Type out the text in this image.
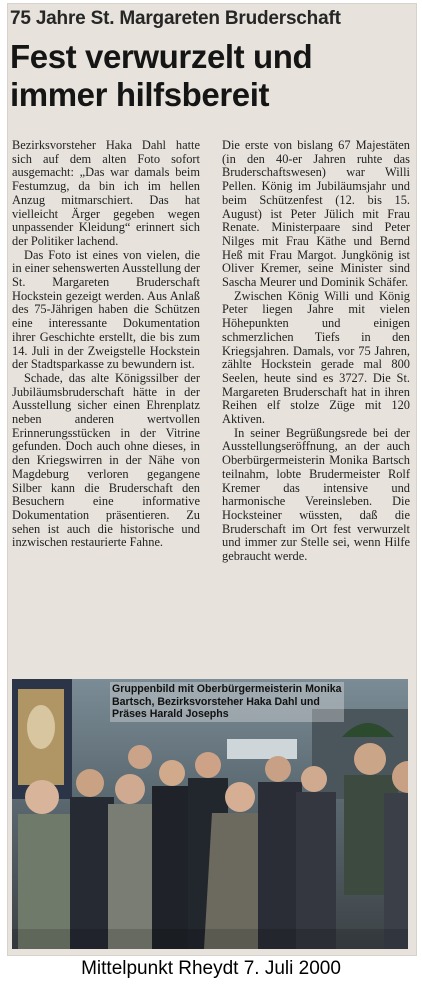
75 Jahre St. Margareten Bruderschaft
Fest verwurzelt und
immer hilfsbereit

Bezirksvorsteher Haka Dahl hatte sich auf dem alten Foto sofort ausgemacht: „Das war damals beim Festumzug, da bin ich im hellen Anzug mitmarschiert. Das hat vielleicht Ärger gegeben wegen unpassender Kleidung“ erinnert sich der Politiker lachend.

Das Foto ist eines von vielen, die in einer sehenswerten Ausstellung der St. Margareten Bruderschaft Hockstein gezeigt werden. Aus Anlaß des 75-Jährigen haben die Schützen eine interessante Dokumentation ihrer Geschichte erstellt, die bis zum 14. Juli in der Zweigstelle Hockstein der Stadtsparkasse zu bewundern ist.

Schade, das alte Königssilber der Jubiläumsbruderschaft hätte in der Ausstellung sicher einen Ehrenplatz neben anderen wertvollen Erinnerungsstücken in der Vitrine gefunden. Doch auch ohne dieses, in den Kriegswirren in der Nähe von Magdeburg verloren gegangene Silber kann die Bruderschaft den Besuchern eine informative Dokumentation präsentieren. Zu sehen ist auch die historische und inzwischen restaurierte Fahne.

Die erste von bislang 67 Majestäten (in den 40-er Jahren ruhte das Bruderschaftswesen) war Willi Pellen. König im Jubiläumsjahr und beim Schützenfest (12. bis 15. August) ist Peter Jülich mit Frau Renate. Ministerpaare sind Peter Nilges mit Frau Käthe und Bernd Heß mit Frau Margot. Jungkönig ist Oliver Kremer, seine Minister sind Sascha Meurer und Dominik Schäfer.

Zwischen König Willi und König Peter liegen Jahre mit vielen Höhepunkten und einigen schmerzlichen Tiefs in den Kriegsjahren. Damals, vor 75 Jahren, zählte Hockstein gerade mal 800 Seelen, heute sind es 3727. Die St. Margareten Bruderschaft hat in ihren Reihen elf stolze Züge mit 120 Aktiven.

In seiner Begrüßungsrede bei der Ausstellungseröffnung, an der auch Oberbürgermeisterin Monika Bartsch teilnahm, lobte Brudermeister Rolf Kremer das intensive und harmonische Vereinsleben. Die Hocksteiner wüssten, daß die Bruderschaft im Ort fest verwurzelt und immer zur Stelle sei, wenn Hilfe gebraucht werde.

Gruppenbild mit Oberbürgermeisterin Monika Bartsch, Bezirksvorsteher Haka Dahl und Präses Harald Josephs
Mittelpunkt Rheydt 7. Juli 2000
